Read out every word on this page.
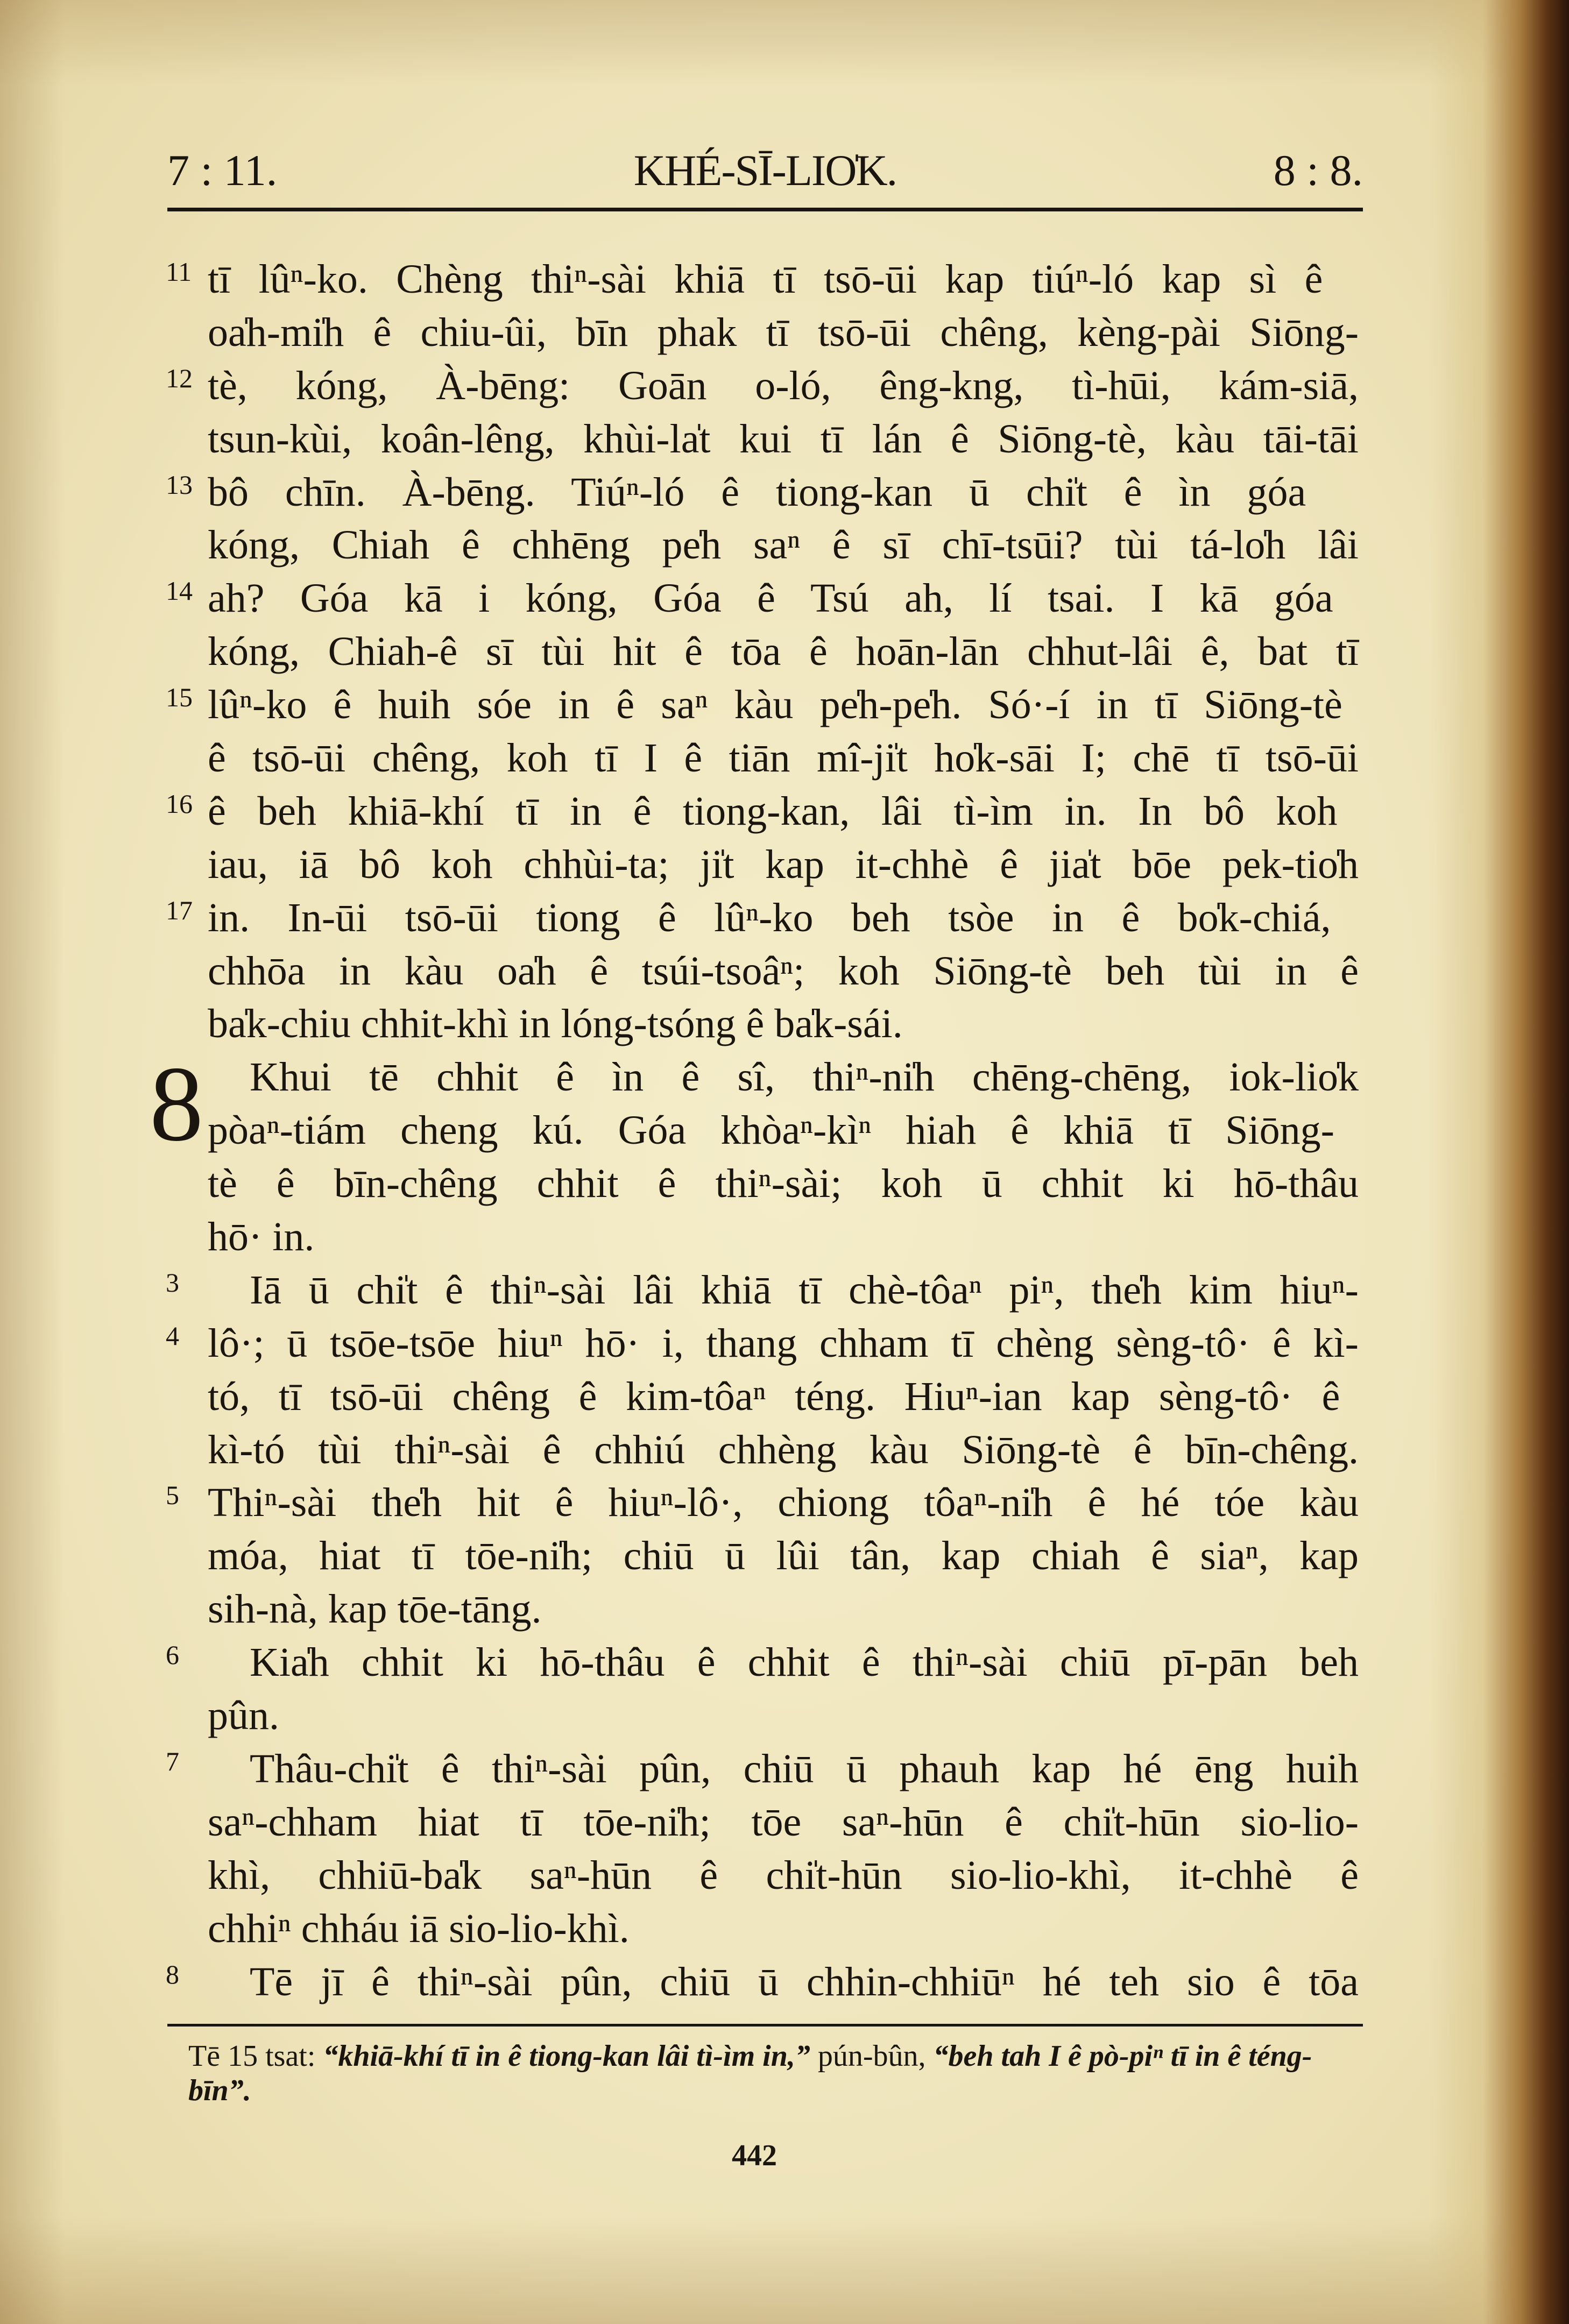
7 : 11.	KHÉ-SĪ-LIO̍K.	8 : 8.
11 tī lûⁿ-ko. Chèng thiⁿ-sài khiā tī tsō-ūi kap tiúⁿ-ló kap sì ê
oa̍h-mi̍h ê chiu-ûi, bīn phak tī tsō-ūi chêng, kèng-pài Siōng-
12 tè, kóng, À-bēng: Goān o-ló, êng-kng, tì-hūi, kám-siā,
tsun-kùi, koân-lêng, khùi-la̍t kui tī lán ê Siōng-tè, kàu tāi-tāi
13 bô chīn. À-bēng. Tiúⁿ-ló ê tiong-kan ū chi̍t ê ìn góa
kóng, Chiah ê chhēng pe̍h saⁿ ê sī chī-tsūi? tùi tá-lo̍h lâi
14 ah? Góa kā i kóng, Góa ê Tsú ah, lí tsai. I kā góa
kóng, Chiah-ê sī tùi hit ê tōa ê hoān-lān chhut-lâi ê, bat tī
15 lûⁿ-ko ê huih sóe in ê saⁿ kàu pe̍h-pe̍h. Só·-í in tī Siōng-tè
ê tsō-ūi chêng, koh tī I ê tiān mî-ji̍t ho̍k-sāi I; chē tī tsō-ūi
16 ê beh khiā-khí tī in ê tiong-kan, lâi tì-ìm in. In bô koh
iau, iā bô koh chhùi-ta; ji̍t kap it-chhè ê jia̍t bōe pek-tio̍h
17 in. In-ūi tsō-ūi tiong ê lûⁿ-ko beh tsòe in ê bo̍k-chiá,
chhōa in kàu oa̍h ê tsúi-tsoâⁿ; koh Siōng-tè beh tùi in ê
ba̍k-chiu chhit-khì in lóng-tsóng ê ba̍k-sái.
8 Khui tē chhit ê ìn ê sî, thiⁿ-ni̍h chēng-chēng, iok-lio̍k
pòaⁿ-tiám cheng kú. Góa khòaⁿ-kìⁿ hiah ê khiā tī Siōng-
tè ê bīn-chêng chhit ê thiⁿ-sài; koh ū chhit ki hō-thâu
hō· in.
3 Iā ū chi̍t ê thiⁿ-sài lâi khiā tī chè-tôaⁿ piⁿ, the̍h kim hiuⁿ-
4 lô·; ū tsōe-tsōe hiuⁿ hō· i, thang chham tī chèng sèng-tô· ê kì-
tó, tī tsō-ūi chêng ê kim-tôaⁿ téng. Hiuⁿ-ian kap sèng-tô· ê
kì-tó tùi thiⁿ-sài ê chhiú chhèng kàu Siōng-tè ê bīn-chêng.
5 Thiⁿ-sài the̍h hit ê hiuⁿ-lô·, chiong tôaⁿ-ni̍h ê hé tóe kàu
móa, hiat tī tōe-ni̍h; chiū ū lûi tân, kap chiah ê siaⁿ, kap
sih-nà, kap tōe-tāng.
6 Kia̍h chhit ki hō-thâu ê chhit ê thiⁿ-sài chiū pī-pān beh
pûn.
7 Thâu-chi̍t ê thiⁿ-sài pûn, chiū ū phauh kap hé ēng huih
saⁿ-chham hiat tī tōe-ni̍h; tōe saⁿ-hūn ê chi̍t-hūn sio-lio-
khì, chhiū-ba̍k saⁿ-hūn ê chi̍t-hūn sio-lio-khì, it-chhè ê
chhiⁿ chháu iā sio-lio-khì.
8 Tē jī ê thiⁿ-sài pûn, chiū ū chhin-chhiūⁿ hé teh sio ê tōa
Tē 15 tsat: “khiā-khí tī in ê tiong-kan lâi tì-ìm in,” pún-bûn, “beh tah I ê pò-piⁿ tī in ê téng-bīn”.
442
